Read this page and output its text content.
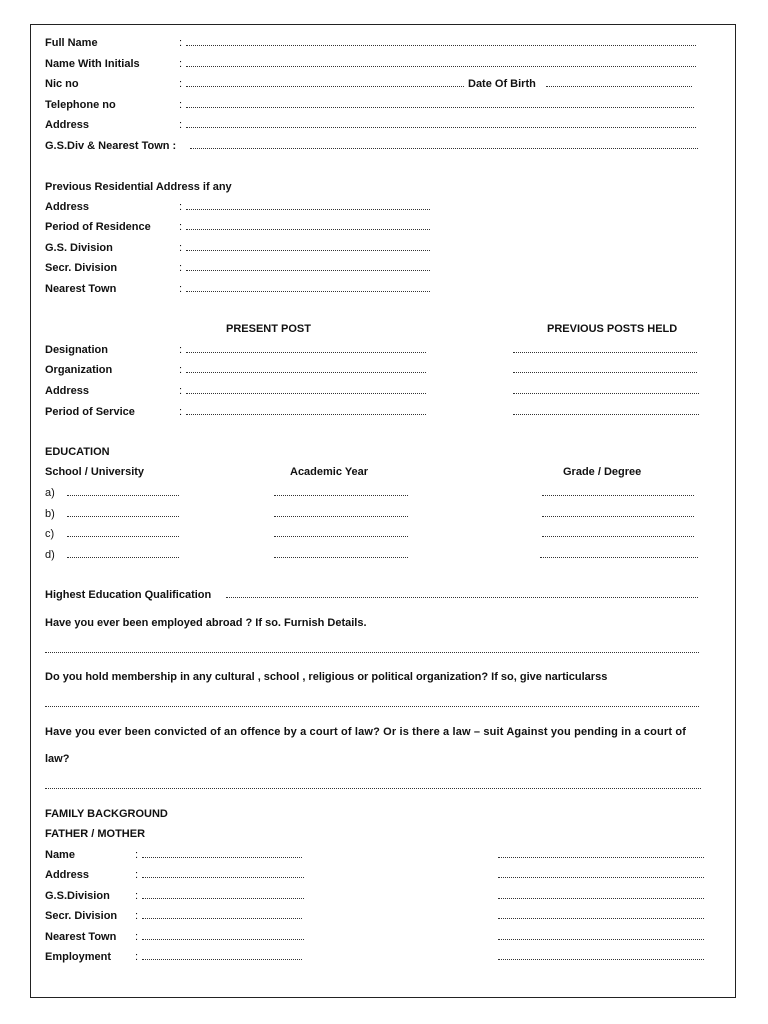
Full Name	:
Name With Initials	:
Nic no	:	Date Of Birth
Telephone no	:
Address	:
G.S.Div & Nearest Town :
Previous Residential Address if any
Address	:
Period of Residence	:
G.S. Division	:
Secr. Division	:
Nearest Town	:
PRESENT POST	PREVIOUS POSTS HELD
Designation	:
Organization	:
Address	:
Period of Service	:
EDUCATION
School / University	Academic Year	Grade / Degree
a)
b)
c)
d)
Highest Education Qualification
Have you ever been employed abroad ? If so. Furnish Details.
Do you hold membership in any cultural , school , religious or political organization? If so, give narticularss
Have you ever been convicted of an offence by a court of law? Or is there a law – suit Against you pending in a court of
law?
FAMILY BACKGROUND
FATHER / MOTHER
Name	:
Address	:
G.S.Division :
Secr. Division :
Nearest Town :
Employment :
